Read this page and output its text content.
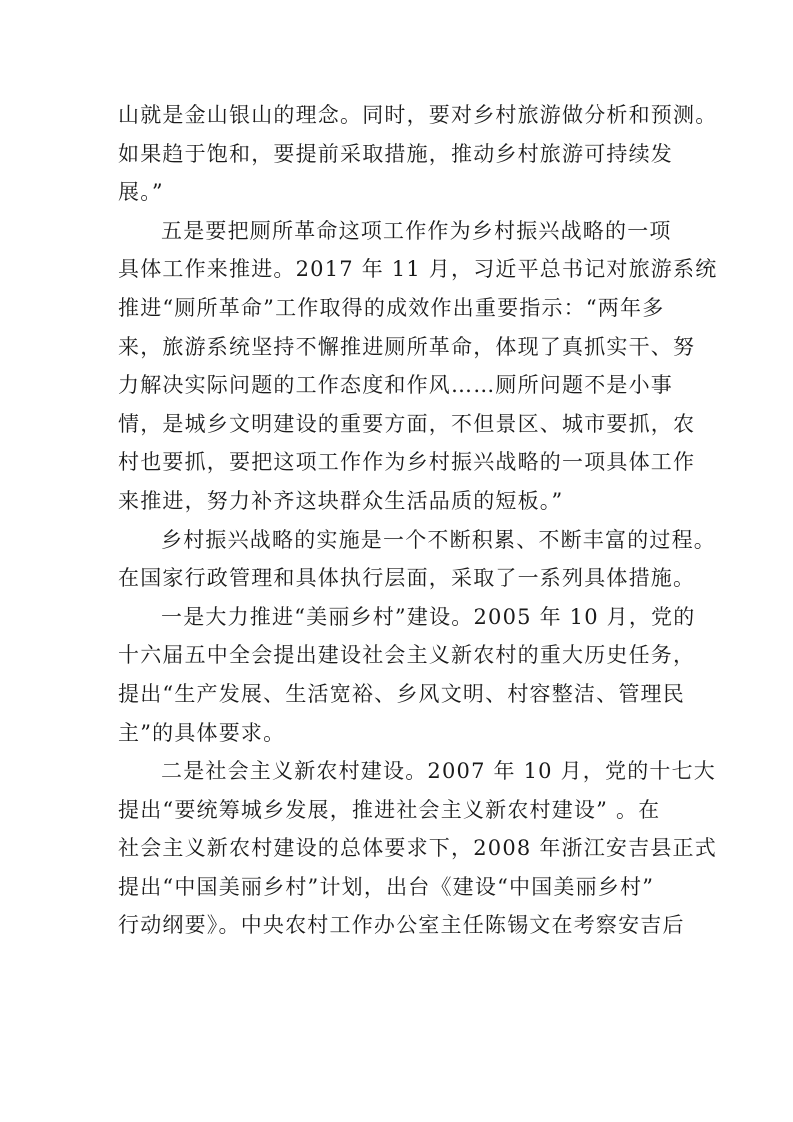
山就是金山银山的理念。同时，要对乡村旅游做分析和预测。
如果趋于饱和，要提前采取措施，推动乡村旅游可持续发
展。”
五是要把厕所革命这项工作作为乡村振兴战略的一项
具体工作来推进。2017 年 11 月，习近平总书记对旅游系统
推进“厕所革命”工作取得的成效作出重要指示：“两年多
来，旅游系统坚持不懈推进厕所革命，体现了真抓实干、努
力解决实际问题的工作态度和作风……厕所问题不是小事
情，是城乡文明建设的重要方面，不但景区、城市要抓，农
村也要抓，要把这项工作作为乡村振兴战略的一项具体工作
来推进，努力补齐这块群众生活品质的短板。”
乡村振兴战略的实施是一个不断积累、不断丰富的过程。
在国家行政管理和具体执行层面，采取了一系列具体措施。
一是大力推进“美丽乡村”建设。2005 年 10 月，党的
十六届五中全会提出建设社会主义新农村的重大历史任务，
提出“生产发展、生活宽裕、乡风文明、村容整洁、管理民
主”的具体要求。
二是社会主义新农村建设。2007 年 10 月，党的十七大
提出“要统筹城乡发展，推进社会主义新农村建设” 。在
社会主义新农村建设的总体要求下，2008 年浙江安吉县正式
提出“中国美丽乡村”计划，出台《建设“中国美丽乡村”
行动纲要》。中央农村工作办公室主任陈锡文在考察安吉后
